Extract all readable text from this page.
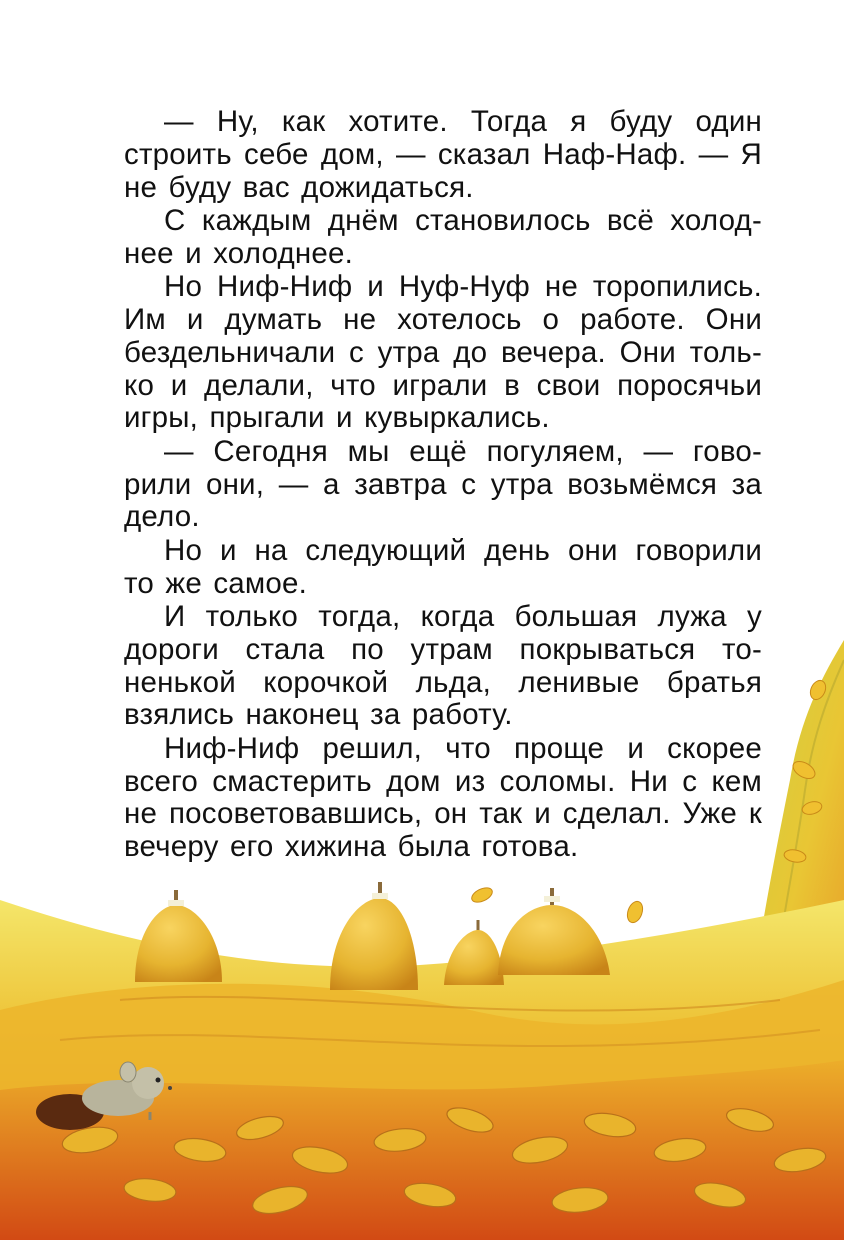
— Ну, как хотите. Тогда я буду один строить себе дом, — сказал Наф-Наф. — Я не буду вас дожидаться.

С каждым днём становилось всё холод-нее и холоднее.

Но Ниф-Ниф и Нуф-Нуф не торопились. Им и думать не хотелось о работе. Они бездельничали с утра до вечера. Они толь-ко и делали, что играли в свои поросячьи игры, прыгали и кувыркались.

— Сегодня мы ещё погуляем, — гово-рили они, — а завтра с утра возьмёмся за дело.

Но и на следующий день они говорили то же самое.

И только тогда, когда большая лужа у дороги стала по утрам покрываться то-ненькой корочкой льда, ленивые братья взялись наконец за работу.

Ниф-Ниф решил, что проще и скорее всего смастерить дом из соломы. Ни с кем не посоветовавшись, он так и сделал. Уже к вечеру его хижина была готова.
